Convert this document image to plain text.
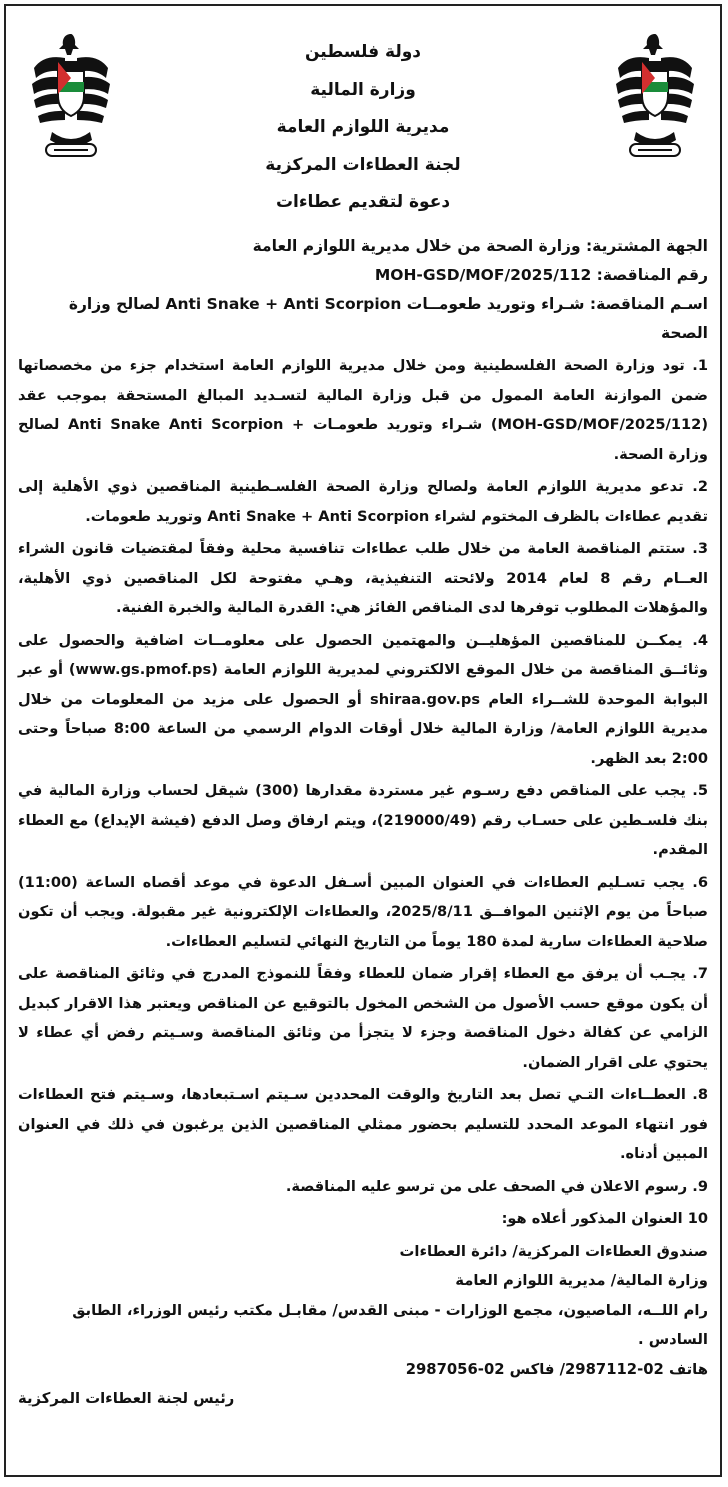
دولة فلسطين
وزارة المالية
مديرية اللوازم العامة
لجنة العطاءات المركزية
دعوة لتقديم عطاءات
الجهة المشترية: وزارة الصحة من خلال مديرية اللوازم العامة
رقم المناقصة: MOH-GSD/MOF/2025/112
اسـم المناقصة: شـراء وتوريد طعومــات Anti Snake + Anti Scorpion لصالح وزارة الصحة
1. تود وزارة الصحة الفلسطينية ومن خلال مديرية اللوازم العامة استخدام جزء من مخصصاتها ضمن الموازنة العامة الممول من قبل وزارة المالية لتسـديد المبالغ المستحقة بموجب عقد (MOH-GSD/MOF/2025/112) شـراء وتوريد طعومـات + Anti Snake Anti Scorpion لصالح وزارة الصحة.
2. تدعو مديرية اللوازم العامة ولصالح وزارة الصحة الفلسـطينية المناقصين ذوي الأهلية إلى تقديم عطاءات بالظرف المختوم لشراء Anti Snake + Anti Scorpion وتوريد طعومات.
3. ستتم المناقصة العامة من خلال طلب عطاءات تنافسية محلية وفقاً لمقتضيات قانون الشراء العــام رقم 8 لعام 2014 ولائحته التنفيذية، وهـي مفتوحة لكل المناقصين ذوي الأهلية، والمؤهلات المطلوب توفرها لدى المناقص الفائز هي: القدرة المالية والخبرة الفنية.
4. يمكــن للمناقصين المؤهليــن والمهتمين الحصول على معلومــات اضافية والحصول على وثائــق المناقصة من خلال الموقع الالكتروني لمديرية اللوازم العامة (www.gs.pmof.ps) أو عبر البوابة الموحدة للشــراء العام shiraa.gov.ps أو الحصول على مزيد من المعلومات من خلال مديرية اللوازم العامة/ وزارة المالية خلال أوقات الدوام الرسمي من الساعة 8:00 صباحاً وحتى 2:00 بعد الظهر.
5. يجب على المناقص دفع رسـوم غير مستردة مقدارها (300) شيقل لحساب وزارة المالية في بنك فلسـطين على حسـاب رقم (219000/49)، ويتم ارفاق وصل الدفع (فيشة الإيداع) مع العطاء المقدم.
6. يجب تسـليم العطاءات في العنوان المبين أسـفل الدعوة في موعد أقصاه الساعة (11:00) صباحاً من يوم الإثنين الموافــق 2025/8/11، والعطاءات الإلكترونية غير مقبولة. ويجب أن تكون صلاحية العطاءات سارية لمدة 180 يوماً من التاريخ النهائي لتسليم العطاءات.
7. يجـب أن يرفق مع العطاء إقرار ضمان للعطاء وفقاً للنموذج المدرج في وثائق المناقصة على أن يكون موقع حسب الأصول من الشخص المخول بالتوقيع عن المناقص ويعتبر هذا الاقرار كبديل الزامي عن كفالة دخول المناقصة وجزء لا يتجزأ من وثائق المناقصة وسـيتم رفض أي عطاء لا يحتوي على اقرار الضمان.
8. العطــاءات التـي تصل بعد التاريخ والوقت المحددين سـيتم اسـتبعادها، وسـيتم فتح العطاءات فور انتهاء الموعد المحدد للتسليم بحضور ممثلي المناقصين الذين يرغبون في ذلك في العنوان المبين أدناه.
9. رسوم الاعلان في الصحف على من ترسو عليه المناقصة.
10 العنوان المذكور أعلاه هو:
صندوق العطاءات المركزية/ دائرة العطاءات
وزارة المالية/ مديرية اللوازم العامة
رام اللــه، الماصيون، مجمع الوزارات - مبنى القدس/ مقابـل مكتب رئيس الوزراء، الطابق السادس .
هاتف 02-2987112/ فاكس 02-2987056
رئيس لجنة العطاءات المركزية
